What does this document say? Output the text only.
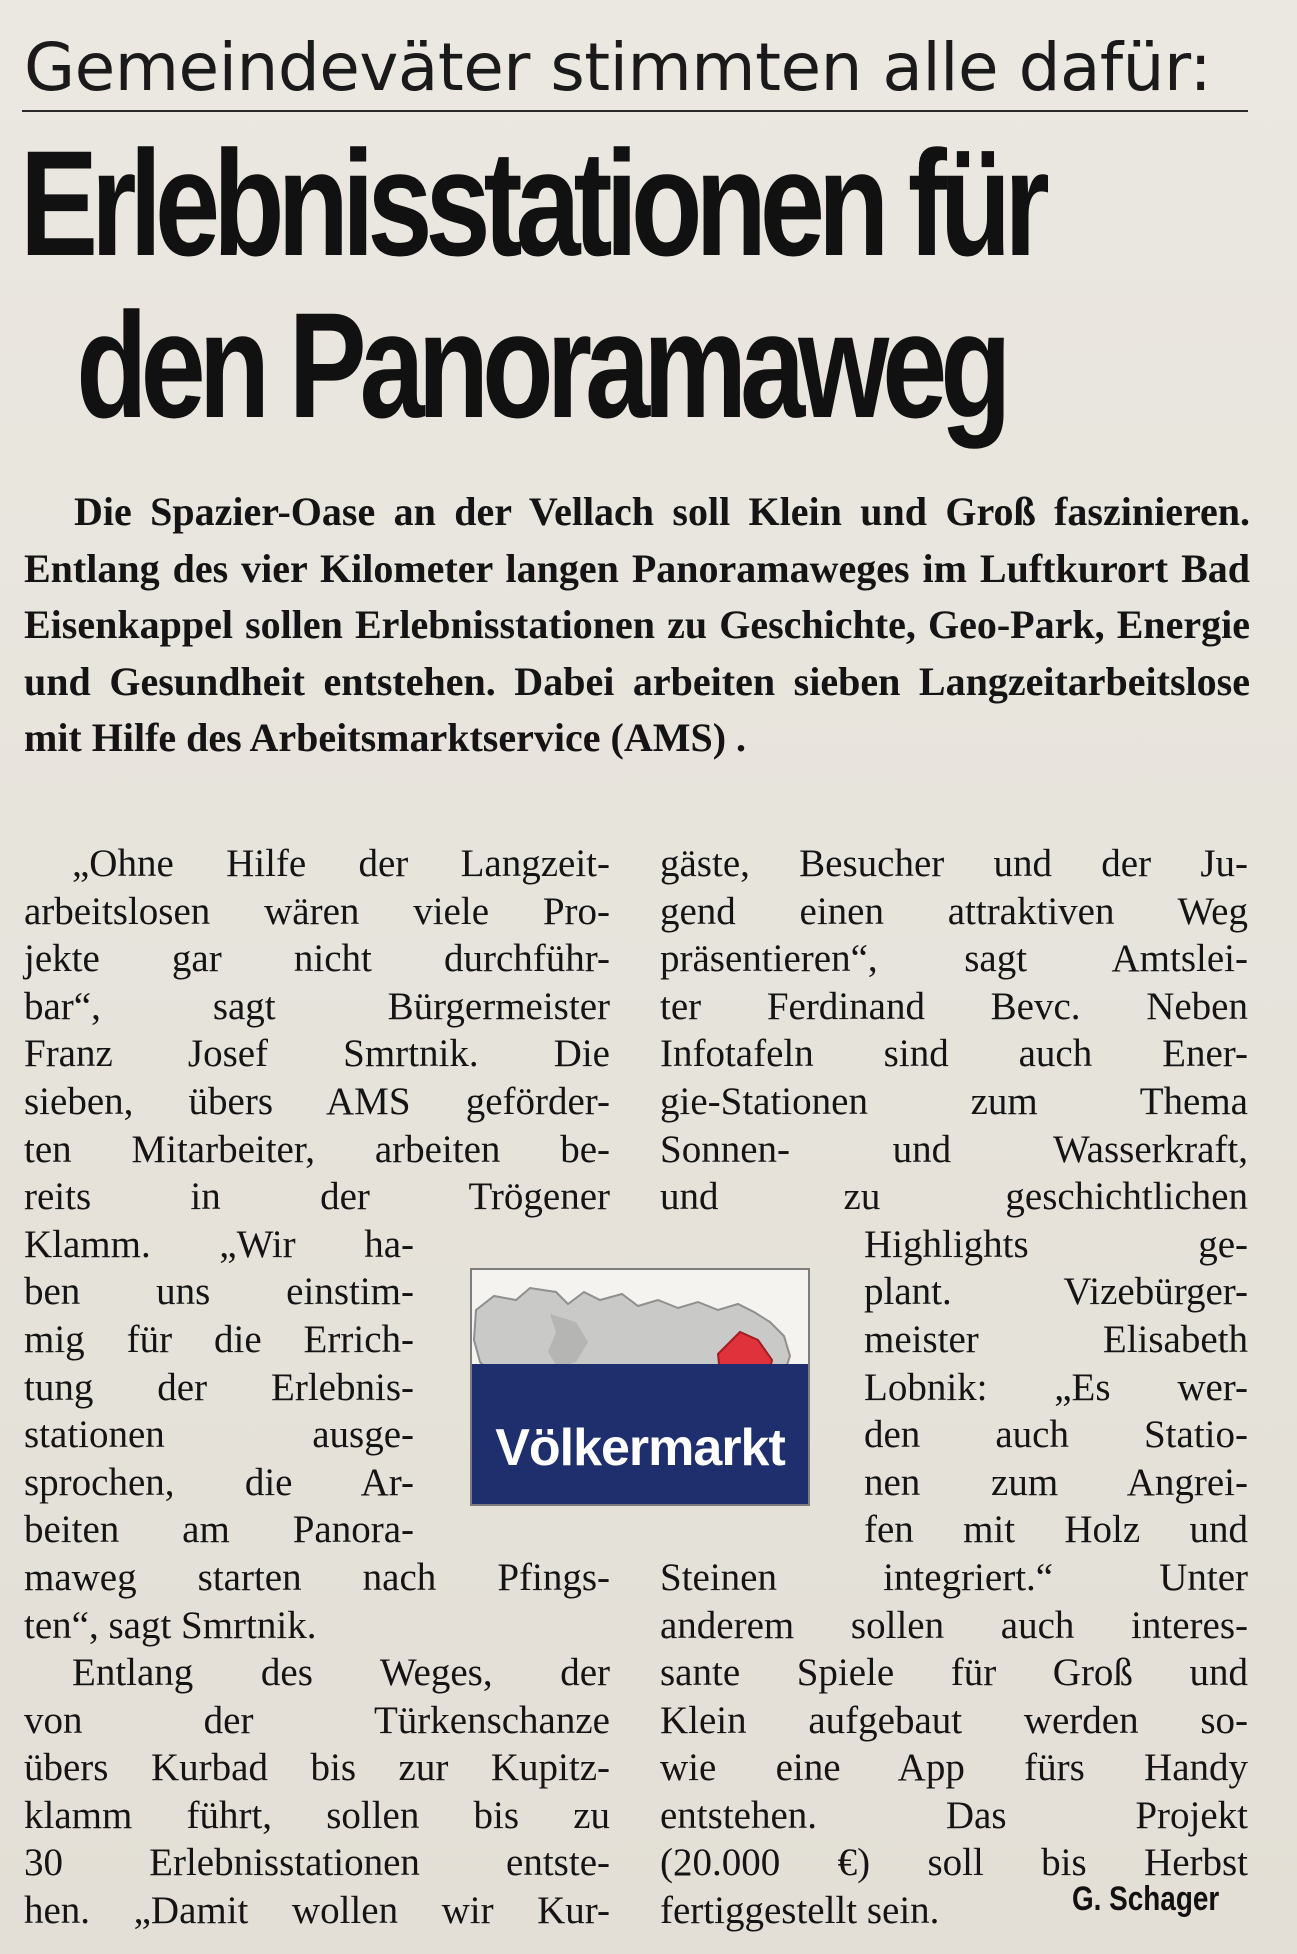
Gemeindeväter stimmten alle dafür:
Erlebnisstationen für
den Panoramaweg

Die Spazier-Oase an der Vellach soll Klein und Groß faszinieren. Entlang des vier Kilometer langen Panoramaweges im Luftkurort Bad Eisenkappel sollen Erlebnisstationen zu Geschichte, Geo-Park, Energie und Gesundheit entstehen. Dabei arbeiten sieben Langzeitarbeitslose mit Hilfe des Arbeitsmarktservice (AMS) .

„Ohne Hilfe der Langzeit-
arbeitslosen wären viele Pro-
jekte gar nicht durchführ-
bar“, sagt Bürgermeister
Franz Josef Smrtnik. Die
sieben, übers AMS geförder-
ten Mitarbeiter, arbeiten be-
reits in der Trögener
Klamm. „Wir ha-
ben uns einstim-
mig für die Errich-
tung der Erlebnis-
stationen ausge-
sprochen, die Ar-
beiten am Panora-
maweg starten nach Pfings-
ten“, sagt Smrtnik.

Entlang des Weges, der
von der Türkenschanze
übers Kurbad bis zur Kupitz-
klamm führt, sollen bis zu
30 Erlebnisstationen entste-
hen. „Damit wollen wir Kur-

gäste, Besucher und der Ju-
gend einen attraktiven Weg
präsentieren“, sagt Amtslei-
ter Ferdinand Bevc. Neben
Infotafeln sind auch Ener-
gie-Stationen zum Thema
Sonnen- und Wasserkraft,
und zu geschichtlichen
Highlights ge-
plant. Vizebürger-
meister Elisabeth
Lobnik: „Es wer-
den auch Statio-
nen zum Angrei-
fen mit Holz und
Steinen integriert.“ Unter
anderem sollen auch interes-
sante Spiele für Groß und
Klein aufgebaut werden so-
wie eine App fürs Handy
entstehen. Das Projekt
(20.000 €) soll bis Herbst
fertiggestellt sein.

Völkermarkt
G. Schager
